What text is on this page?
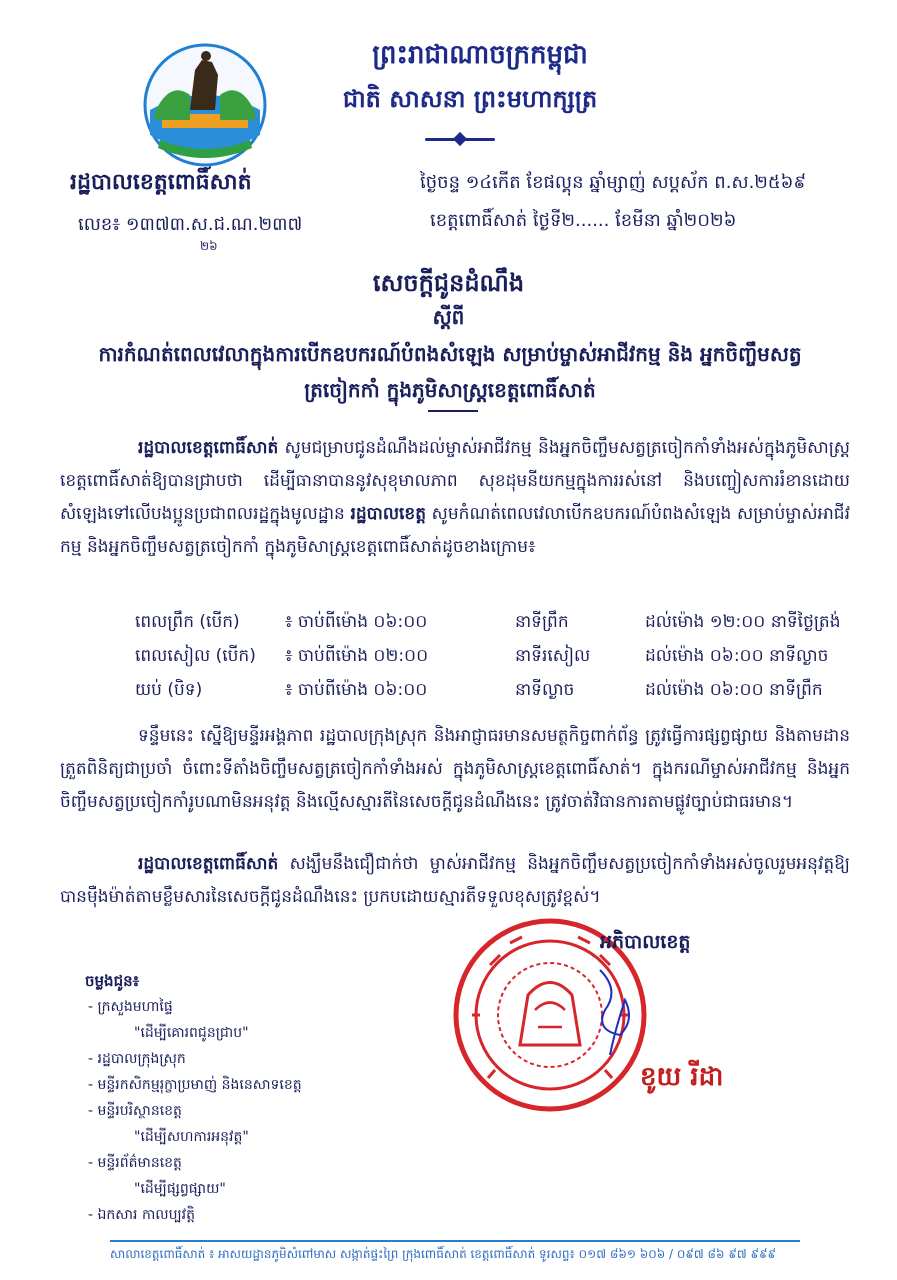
ព្រះរាជាណាចក្រកម្ពុជា
ជាតិ សាសនា ព្រះមហាក្សត្រ
រដ្ឋបាលខេត្តពោធិ៍សាត់
លេខ៖ ១៣៧៣.ស.ជ.ណ.២៣៧
២៦
ថ្ងៃចន្ទ ១៤កើត ខែផល្គុន ឆ្នាំម្សាញ់ សប្តស័ក ព.ស.២៥៦៩
ខេត្តពោធិ៍សាត់ ថ្ងៃទី២...... ខែមីនា ឆ្នាំ២០២៦
សេចក្តីជូនដំណឹង
ស្តីពី
ការកំណត់ពេលវេលាក្នុងការបើកឧបករណ៍បំពងសំឡេង សម្រាប់ម្ចាស់អាជីវកម្ម និង អ្នកចិញ្ចឹមសត្វត្រចៀកកាំ ក្នុងភូមិសាស្ត្រខេត្តពោធិ៍សាត់
រដ្ឋបាលខេត្តពោធិ៍សាត់ សូមជម្រាបជូនដំណឹងដល់ម្ចាស់អាជីវកម្ម និងអ្នកចិញ្ចឹមសត្វត្រចៀកកាំទាំងអស់ក្នុងភូមិសាស្ត្រខេត្តពោធិ៍សាត់ឱ្យបានជ្រាបថា ដើម្បីធានាបាននូវសុខុមាលភាព សុខដុមនីយកម្មក្នុងការរស់នៅ និងបញ្ចៀសការរំខានដោយសំឡេងទៅលើបងប្អូនប្រជាពលរដ្ឋក្នុងមូលដ្ឋាន រដ្ឋបាលខេត្ត សូមកំណត់ពេលវេលាបើកឧបករណ៍បំពងសំឡេង សម្រាប់ម្ចាស់អាជីវកម្ម និងអ្នកចិញ្ចឹមសត្វត្រចៀកកាំ ក្នុងភូមិសាស្ត្រខេត្តពោធិ៍សាត់ដូចខាងក្រោម៖
ពេលព្រឹក (បើក)	៖ ចាប់ពីម៉ោង ០៦:០០	នាទីព្រឹក	ដល់ម៉ោង ១២:០០ នាទីថ្ងៃត្រង់
ពេលសៀល (បើក)	៖ ចាប់ពីម៉ោង ០២:០០	នាទីរសៀល	ដល់ម៉ោង ០៦:០០ នាទីល្ងាច
យប់ (បិទ)	៖ ចាប់ពីម៉ោង ០៦:០០	នាទីល្ងាច	ដល់ម៉ោង ០៦:០០ នាទីព្រឹក
ទន្ទឹមនេះ ស្នើឱ្យមន្ទីរអង្គភាព រដ្ឋបាលក្រុងស្រុក និងអាជ្ញាធរមានសមត្ថកិច្ចពាក់ព័ន្ធ ត្រូវធ្វើការផ្សព្វផ្សាយ និងតាមដានត្រួតពិនិត្យជាប្រចាំ ចំពោះទីតាំងចិញ្ចឹមសត្វត្រចៀកកាំទាំងអស់ ក្នុងភូមិសាស្ត្រខេត្តពោធិ៍សាត់។ ក្នុងករណីម្ចាស់អាជីវកម្ម និងអ្នកចិញ្ចឹមសត្វប្រចៀកកាំរូបណាមិនអនុវត្ត និងល្មើសស្មារតីនៃសេចក្តីជូនដំណឹងនេះ ត្រូវចាត់វិធានការតាមផ្លូវច្បាប់ជាធរមាន។
រដ្ឋបាលខេត្តពោធិ៍សាត់ សង្ឃឹមនឹងជឿជាក់ថា ម្ចាស់អាជីវកម្ម និងអ្នកចិញ្ចឹមសត្វប្រចៀកកាំទាំងអស់ចូលរួមអនុវត្តឱ្យបានម៉ឺងម៉ាត់តាមខ្លឹមសារនៃសេចក្តីជូនដំណឹងនេះ ប្រកបដោយស្មារតីទទួលខុសត្រូវខ្ពស់។
អភិបាលខេត្ត
ខូយ រីដា
ចម្លងជូន៖
- ក្រសួងមហាផ្ទៃ
"ដើម្បីគោរពជូនជ្រាប"
- រដ្ឋបាលក្រុងស្រុក
- មន្ទីរកសិកម្មរុក្ខាប្រមាញ់ និងនេសាទខេត្ត
- មន្ទីរបរិស្ថានខេត្ត
"ដើម្បីសហការអនុវត្ត"
- មន្ទីរព័ត៌មានខេត្ត
"ដើម្បីផ្សព្វផ្សាយ"
- ឯកសារ កាលប្បវត្តិ
សាលាខេត្តពោធិ៍សាត់ ៖ អាសយដ្ឋានភូមិសំពៅមាស សង្កាត់ផ្ទះព្រៃ ក្រុងពោធិ៍សាត់ ខេត្តពោធិ៍សាត់ ទូរសព្ទ៖ ០១៧ ៨៦១ ៦០៦ / ០៩៧ ៨៦ ៩៧ ៩៩៩
